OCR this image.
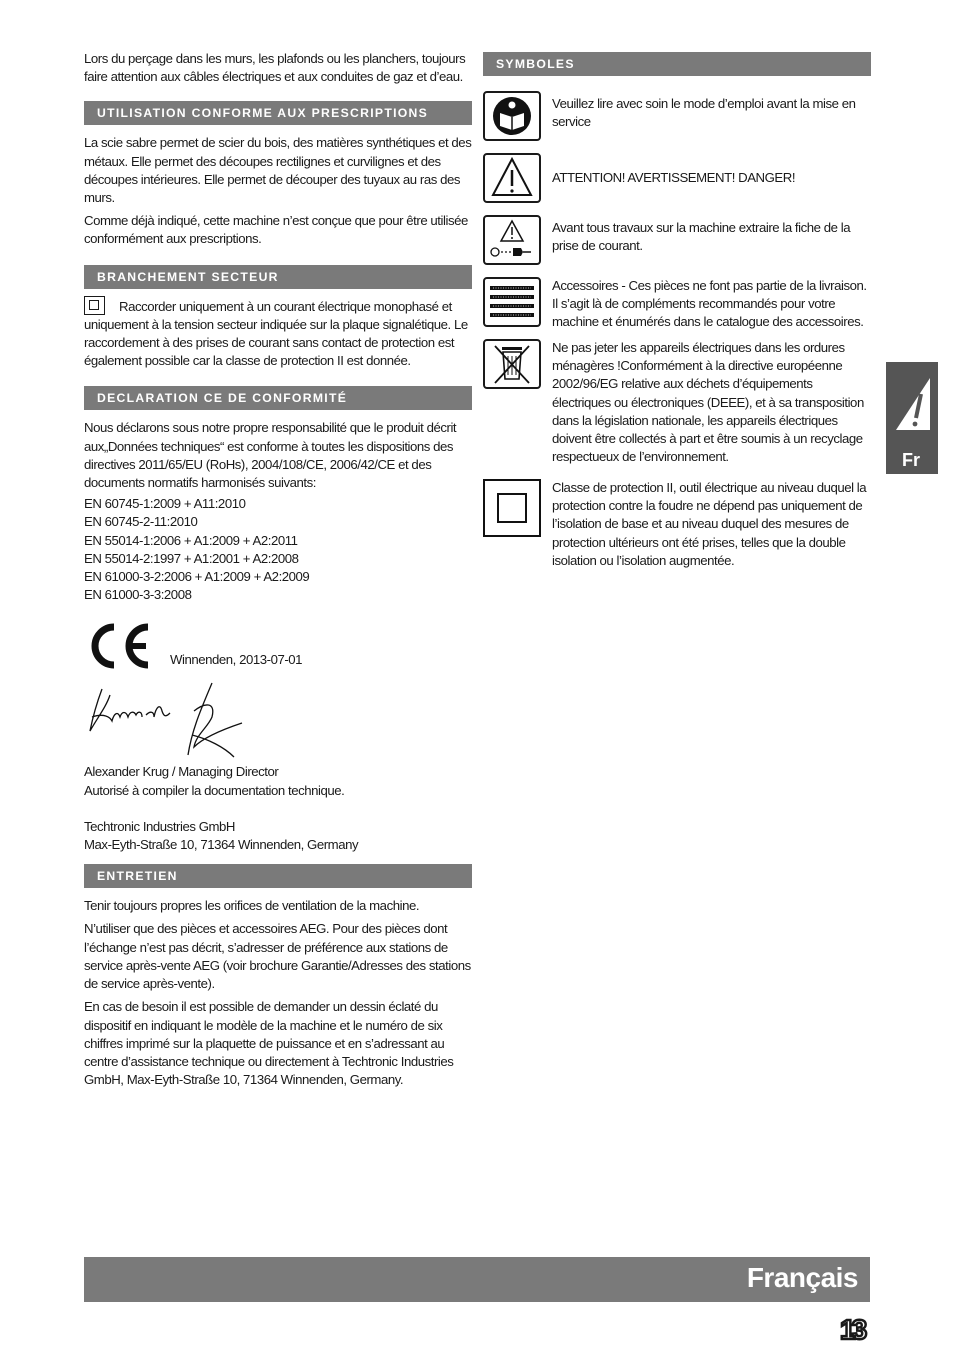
Lors du perçage dans les murs, les plafonds ou les planchers, toujours faire attention aux câbles électriques et aux conduites de gaz et d’eau.

UTILISATION CONFORME AUX PRESCRIPTIONS

La scie sabre permet de scier du bois, des matières synthétiques et des métaux. Elle permet des découpes rectilignes et curvilignes et des découpes intérieures. Elle permet de découper des tuyaux au ras des murs.

Comme déjà indiqué, cette machine n’est conçue que pour être utilisée conformément aux prescriptions.

BRANCHEMENT SECTEUR

Raccorder uniquement à un courant électrique monophasé et uniquement à la tension secteur indiquée sur la plaque signalétique. Le raccordement à des prises de courant sans contact de protection est également possible car la classe de protection II est donnée.

DECLARATION CE DE CONFORMITÉ

Nous déclarons sous notre propre responsabilité que le produit décrit aux„Données techniques“ est conforme à toutes les dispositions des directives 2011/65/EU (RoHs), 2004/108/CE, 2006/42/CE et des documents normatifs harmonisés suivants:

EN 60745-1:2009 + A11:2010

EN 60745-2-11:2010

EN 55014-1:2006 + A1:2009 + A2:2011

EN 55014-2:1997 + A1:2001 + A2:2008

EN 61000-3-2:2006 + A1:2009 + A2:2009

EN 61000-3-3:2008

Winnenden, 2013-07-01

Alexander Krug / Managing Director

Autorisé à compiler la documentation technique.

Techtronic Industries GmbH

Max-Eyth-Straße 10, 71364 Winnenden, Germany

ENTRETIEN

Tenir toujours propres les orifices de ventilation de la machine.

N’utiliser que des pièces et accessoires AEG. Pour des pièces dont l’échange n’est pas décrit, s’adresser de préférence aux stations de service après-vente AEG (voir brochure Garantie/Adresses des stations de service après-vente).

En cas de besoin il est possible de demander un dessin éclaté du dispositif en indiquant le modèle de la machine et le numéro de six chiffres imprimé sur la plaquette de puissance et en s’adressant au centre d’assistance technique ou directement à Techtronic Industries GmbH, Max-Eyth-Straße 10, 71364 Winnenden, Germany.

SYMBOLES

Veuillez lire avec soin le mode d’emploi avant la mise en service

ATTENTION! AVERTISSEMENT! DANGER!

Avant tous travaux sur la machine extraire la fiche de la prise de courant.

Accessoires - Ces pièces ne font pas partie de la livraison. Il s’agit là de compléments recommandés pour votre machine et énumérés dans le catalogue des accessoires.

Ne pas jeter les appareils électriques dans les ordures ménagères !Conformément à la directive européenne 2002/96/EG relative aux déchets d’équipements électriques ou électroniques (DEEE), et à sa transposition dans la législation nationale, les appareils électriques doivent être collectés à part et être soumis à un recyclage respectueux de l’environnement.

Classe de protection II, outil électrique au niveau duquel la protection contre la foudre ne dépend pas uniquement de l’isolation de base et au niveau duquel des mesures de protection ultérieurs ont été prises, telles que la double isolation ou l’isolation augmentée.

Fr
Français
13
